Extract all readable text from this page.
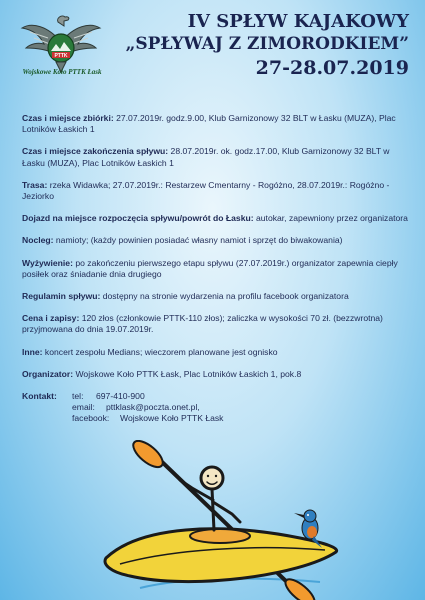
PTTK
Wojskowe Koło PTTK Łask
IV SPŁYW KAJAKOWY
„SPŁYWAJ Z ZIMORODKIEM”
27-28.07.2019

Czas i miejsce zbiórki: 27.07.2019r. godz.9.00, Klub Garnizonowy 32 BLT w Łasku (MUZA), Plac Lotników Łaskich 1

Czas i miejsce zakończenia spływu: 28.07.2019r. ok. godz.17.00, Klub Garnizonowy 32 BLT w Łasku (MUZA), Plac Lotników Łaskich 1

Trasa: rzeka Widawka; 27.07.2019r.: Restarzew Cmentarny - Rogóżno, 28.07.2019r.: Rogóżno - Jeziorko

Dojazd na miejsce rozpoczęcia spływu/powrót do Łasku: autokar, zapewniony przez organizatora

Nocleg: namioty; (każdy powinien posiadać własny namiot i sprzęt do biwakowania)

Wyżywienie: po zakończeniu pierwszego etapu spływu (27.07.2019r.) organizator zapewnia ciepły posiłek oraz śniadanie dnia drugiego

Regulamin spływu: dostępny na stronie wydarzenia na profilu facebook organizatora

Cena i zapisy: 120 złos (członkowie PTTK-110 złos); zaliczka w wysokości 70 zł. (bezzwrotna) przyjmowana do dnia 19.07.2019r.

Inne: koncert zespołu Medians; wieczorem planowane jest ognisko

Organizator: Wojskowe Koło PTTK Łask, Plac Lotników Łaskich 1, pok.8

Kontakt:	tel:	697-410-900
email:	pttklask@poczta.onet.pl,
facebook:	Wojskowe Koło PTTK Łask
